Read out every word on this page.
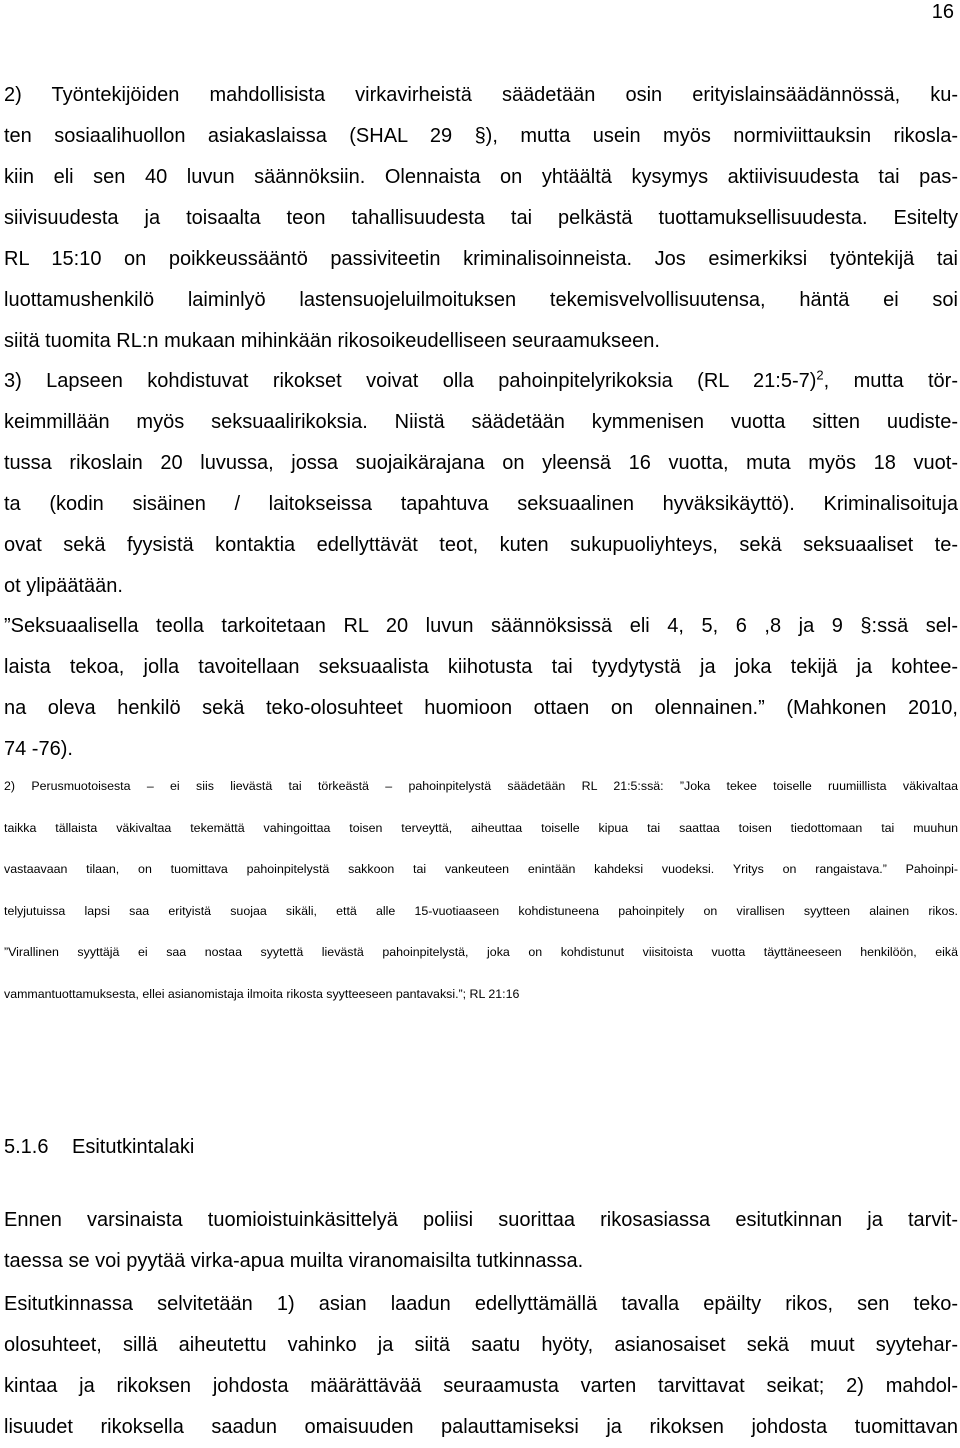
16
2) Työntekijöiden mahdollisista virkavirheistä säädetään osin erityislainsäädännössä, ku-
ten sosiaalihuollon asiakaslaissa (SHAL 29 §), mutta usein myös normiviittauksin rikosla-
kiin eli sen 40 luvun säännöksiin. Olennaista on yhtäältä kysymys aktiivisuudesta tai pas-
siivisuudesta ja toisaalta teon tahallisuudesta tai pelkästä tuottamuksellisuudesta. Esitelty
RL 15:10 on poikkeussääntö passiviteetin kriminalisoinneista. Jos esimerkiksi työntekijä tai
luottamushenkilö laiminlyö lastensuojeluilmoituksen tekemisvelvollisuutensa, häntä ei soi
siitä tuomita RL:n mukaan mihinkään rikosoikeudelliseen seuraamukseen.
3) Lapseen kohdistuvat rikokset voivat olla pahoinpitelyrikoksia (RL 21:5-7)$^2$, mutta tör-
keimmillään myös seksuaalirikoksia. Niistä säädetään kymmenisen vuotta sitten uudiste-
tussa rikoslain 20 luvussa, jossa suojaikärajana on yleensä 16 vuotta, muta myös 18 vuot-
ta (kodin sisäinen / laitokseissa tapahtuva seksuaalinen hyväksikäyttö). Kriminalisoituja
ovat sekä fyysistä kontaktia edellyttävät teot, kuten sukupuoliyhteys, sekä seksuaaliset te-
ot ylipäätään.
”Seksuaalisella teolla tarkoitetaan RL 20 luvun säännöksissä eli 4, 5, 6 ,8 ja 9 §:ssä sel-
laista tekoa, jolla tavoitellaan seksuaalista kiihotusta tai tyydytystä ja joka tekijä ja kohtee-
na oleva henkilö sekä teko-olosuhteet huomioon ottaen on olennainen.” (Mahkonen 2010,
74 -76).
2) Perusmuotoisesta – ei siis lievästä tai törkeästä – pahoinpitelystä säädetään RL 21:5:ssä: ”Joka tekee toiselle ruumiillista väkivaltaa
taikka tällaista väkivaltaa tekemättä vahingoittaa toisen terveyttä, aiheuttaa toiselle kipua tai saattaa toisen tiedottomaan tai muuhun
vastaavaan tilaan, on tuomittava pahoinpitelystä sakkoon tai vankeuteen enintään kahdeksi vuodeksi. Yritys on rangaistava.” Pahoinpi-
telyjutuissa lapsi saa erityistä suojaa sikäli, että alle 15-vuotiaaseen kohdistuneena pahoinpitely on virallisen syytteen alainen rikos.
”Virallinen syyttäjä ei saa nostaa syytettä lievästä pahoinpitelystä, joka on kohdistunut viisitoista vuotta täyttäneeseen henkilöön, eikä
vammantuottamuksesta, ellei asianomistaja ilmoita rikosta syytteeseen pantavaksi.”; RL 21:16
5.1.6 Esitutkintalaki
Ennen varsinaista tuomioistuinkäsittelyä poliisi suorittaa rikosasiassa esitutkinnan ja tarvit-
taessa se voi pyytää virka-apua muilta viranomaisilta tutkinnassa.
Esitutkinnassa selvitetään 1) asian laadun edellyttämällä tavalla epäilty rikos, sen teko-
olosuhteet, sillä aiheutettu vahinko ja siitä saatu hyöty, asianosaiset sekä muut syytehar-
kintaa ja rikoksen johdosta määrättävää seuraamusta varten tarvittavat seikat; 2) mahdol-
lisuudet rikoksella saadun omaisuuden palauttamiseksi ja rikoksen johdosta tuomittavan
